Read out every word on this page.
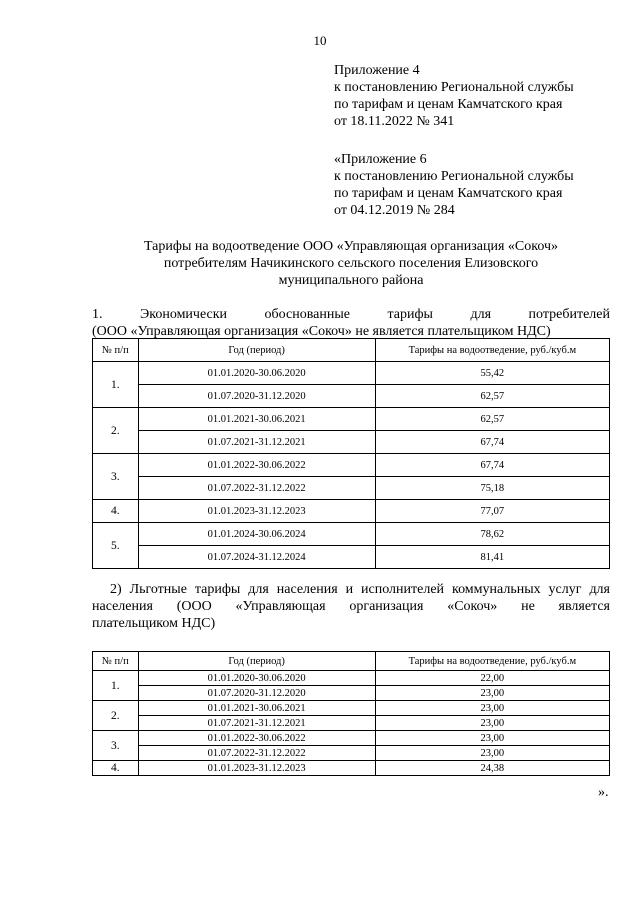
10
Приложение 4
к постановлению Региональной службы
по тарифам и ценам Камчатского края
от 18.11.2022 № 341
«Приложение 6
к постановлению Региональной службы
по тарифам и ценам Камчатского края
от 04.12.2019 № 284
Тарифы на водоотведение ООО «Управляющая организация «Сокоч»
потребителям Начикинского сельского поселения Елизовского
муниципального района
1. Экономически обоснованные тарифы для потребителей
(ООО «Управляющая организация «Сокоч» не является плательщиком НДС)
№ п/п	Год (период)	Тарифы на водоотведение, руб./куб.м
1.	01.01.2020-30.06.2020	55,42
	01.07.2020-31.12.2020	62,57
2.	01.01.2021-30.06.2021	62,57
	01.07.2021-31.12.2021	67,74
3.	01.01.2022-30.06.2022	67,74
	01.07.2022-31.12.2022	75,18
4.	01.01.2023-31.12.2023	77,07
5.	01.01.2024-30.06.2024	78,62
	01.07.2024-31.12.2024	81,41
2) Льготные тарифы для населения и исполнителей коммунальных услуг для
населения (ООО «Управляющая организация «Сокоч» не является
плательщиком НДС)
№ п/п	Год (период)	Тарифы на водоотведение, руб./куб.м
1.	01.01.2020-30.06.2020	22,00
	01.07.2020-31.12.2020	23,00
2.	01.01.2021-30.06.2021	23,00
	01.07.2021-31.12.2021	23,00
3.	01.01.2022-30.06.2022	23,00
	01.07.2022-31.12.2022	23,00
4.	01.01.2023-31.12.2023	24,38
».
